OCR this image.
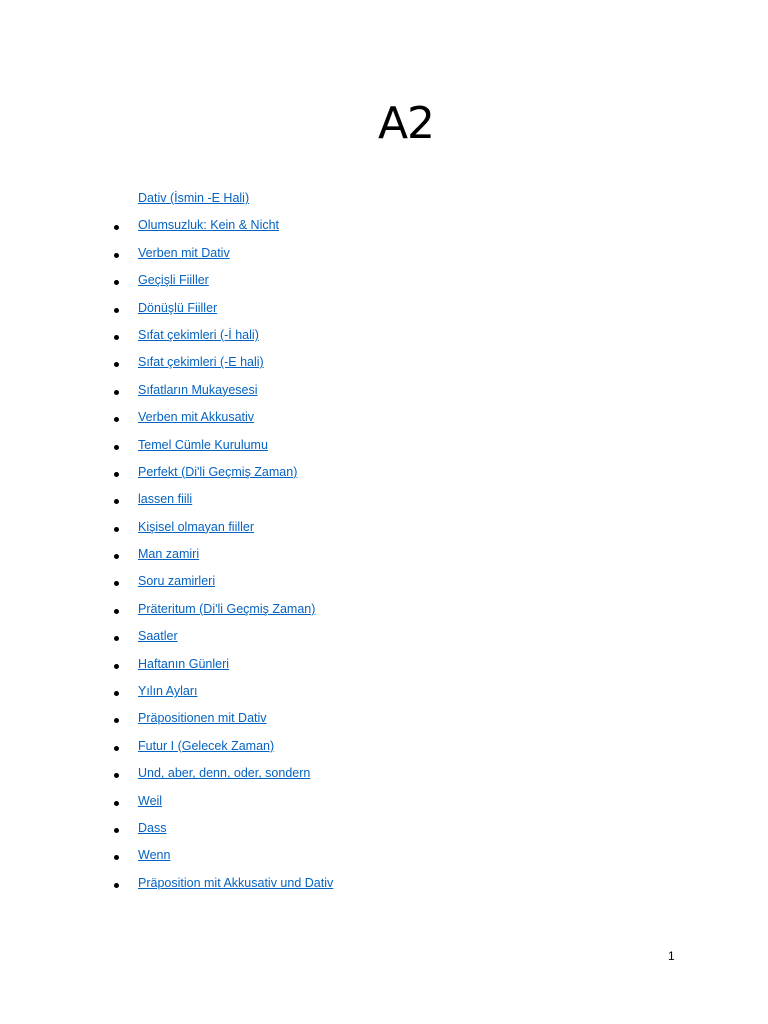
A2
Dativ (İsmin -E Hali)
Olumsuzluk: Kein & Nicht
Verben mit Dativ
Geçişli Fiiller
Dönüşlü Fiiller
Sıfat çekimleri (-İ hali)
Sıfat çekimleri (-E hali)
Sıfatların Mukayesesi
Verben mit Akkusativ
Temel Cümle Kurulumu
Perfekt (Di'li Geçmiş Zaman)
lassen fiili
Kişisel olmayan fiiller
Man zamiri
Soru zamirleri
Präteritum (Di'li Geçmiş Zaman)
Saatler
Haftanın Günleri
Yılın Ayları
Präpositionen mit Dativ
Futur I (Gelecek Zaman)
Und, aber, denn, oder, sondern
Weil
Dass
Wenn
Präposition mit Akkusativ und Dativ
1
